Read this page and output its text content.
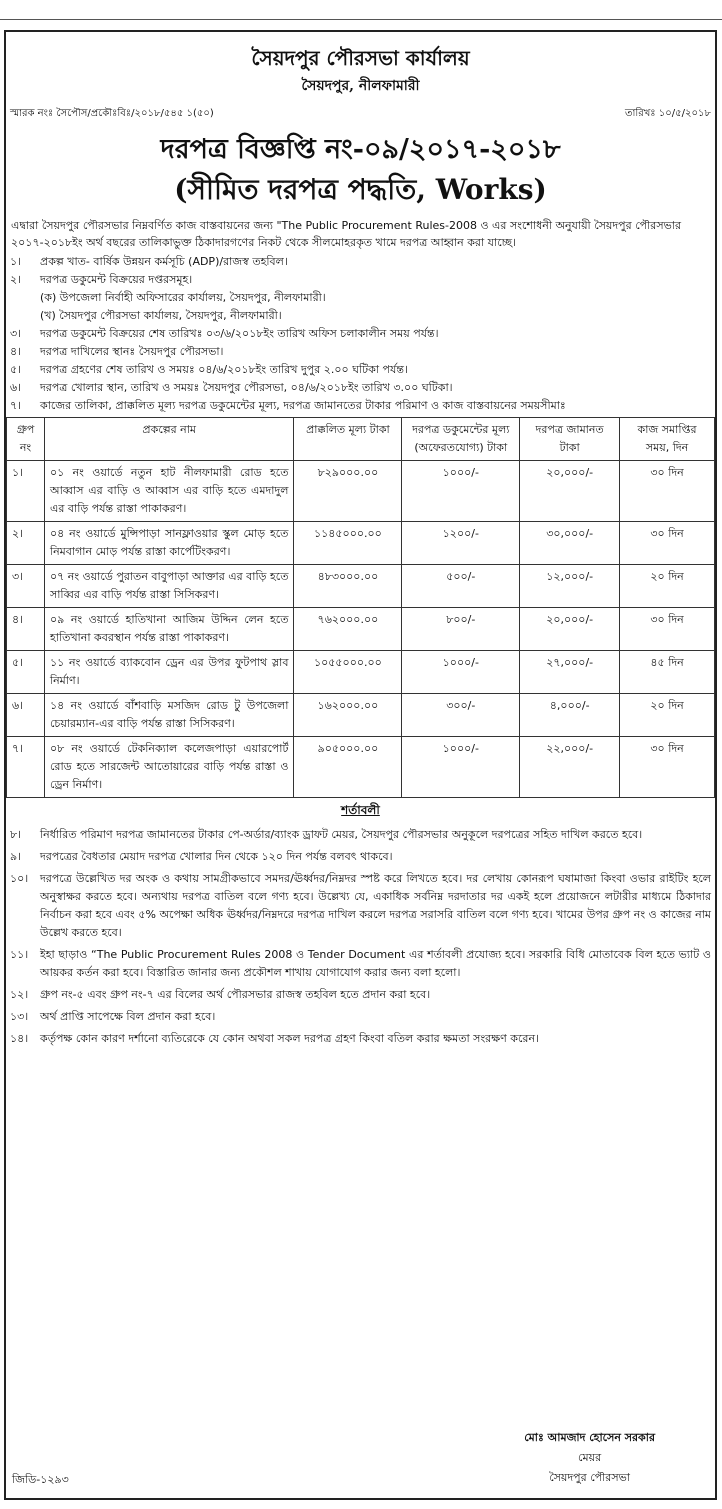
সৈয়দপুর পৌরসভা কার্যালয়
সৈয়দপুর, নীলফামারী
স্মারক নংঃ সৈপৌস/প্রকৌঃবিঃ/২০১৮/৫৪৫ ১(৫০)	তারিখঃ ১০/৫/২০১৮
দরপত্র বিজ্ঞপ্তি নং-০৯/২০১৭-২০১৮
(সীমিত দরপত্র পদ্ধতি, Works)
এদ্বারা সৈয়দপুর পৌরসভার নিম্নবর্ণিত কাজ বাস্তবায়নের জন্য "The Public Procurement Rules-2008 ও এর সংশোধনী অনুযায়ী সৈয়দপুর পৌরসভার ২০১৭-২০১৮ইং অর্থ বছরের তালিকাভুক্ত ঠিকাদারগণের নিকট থেকে সীলমোহরকৃত খামে দরপত্র আহ্বান করা যাচ্ছে।
১।	প্রকল্প খাত- বার্ষিক উন্নয়ন কর্মসূচি (ADP)/রাজস্ব তহবিল।
২।	দরপত্র ডকুমেন্ট বিক্রয়ের দপ্তরসমূহ।
(ক) উপজেলা নির্বাহী অফিসারের কার্যালয়, সৈয়দপুর, নীলফামারী।
(খ) সৈয়দপুর পৌরসভা কার্যালয়, সৈয়দপুর, নীলফামারী।
৩।	দরপত্র ডকুমেন্ট বিক্রয়ের শেষ তারিখঃ ০৩/৬/২০১৮ইং তারিখ অফিস চলাকালীন সময় পর্যন্ত।
৪।	দরপত্র দাখিলের স্থানঃ সৈয়দপুর পৌরসভা।
৫।	দরপত্র গ্রহণের শেষ তারিখ ও সময়ঃ ০৪/৬/২০১৮ইং তারিখ দুপুর ২.০০ ঘটিকা পর্যন্ত।
৬।	দরপত্র খোলার স্থান, তারিখ ও সময়ঃ সৈয়দপুর পৌরসভা, ০৪/৬/২০১৮ইং তারিখ ৩.০০ ঘটিকা।
৭।	কাজের তালিকা, প্রাক্কলিত মূল্য দরপত্র ডকুমেন্টের মূল্য, দরপত্র জামানতের টাকার পরিমাণ ও কাজ বাস্তবায়নের সময়সীমাঃ
গ্রুপ নং	প্রকল্পের নাম	প্রাক্কলিত মূল্য টাকা	দরপত্র ডকুমেন্টের মূল্য (অফেরতযোগ্য) টাকা	দরপত্র জামানত টাকা	কাজ সমাপ্তির সময়, দিন
১।	০১ নং ওয়ার্ডে নতুন হাট নীলফামারী রোড হতে আব্বাস এর বাড়ি ও আব্বাস এর বাড়ি হতে এমদাদুল এর বাড়ি পর্যন্ত রাস্তা পাকাকরণ।	৮২৯০০০.০০	১০০০/-	২০,০০০/-	৩০ দিন
২।	০৪ নং ওয়ার্ডে মুন্সিপাড়া সানফ্লাওয়ার স্কুল মোড় হতে নিমবাগান মোড় পর্যন্ত রাস্তা কার্পেটিংকরণ।	১১৪৫০০০.০০	১২০০/-	৩০,০০০/-	৩০ দিন
৩।	০৭ নং ওয়ার্ডে পুরাতন বাবুপাড়া আক্তার এর বাড়ি হতে সাব্বির এর বাড়ি পর্যন্ত রাস্তা সিসিকরণ।	৪৮৩০০০.০০	৫০০/-	১২,০০০/-	২০ দিন
৪।	০৯ নং ওয়ার্ডে হাতিখানা আজিম উদ্দিন লেন হতে হাতিখানা কবরস্থান পর্যন্ত রাস্তা পাকাকরণ।	৭৬২০০০.০০	৮০০/-	২০,০০০/-	৩০ দিন
৫।	১১ নং ওয়ার্ডে ব্যাকবোন ড্রেন এর উপর ফুটপাথ স্লাব নির্মাণ।	১০৫৫০০০.০০	১০০০/-	২৭,০০০/-	৪৫ দিন
৬।	১৪ নং ওয়ার্ডে বাঁশবাড়ি মসজিদ রোড টু উপজেলা চেয়ারম্যান-এর বাড়ি পর্যন্ত রাস্তা সিসিকরণ।	১৬২০০০.০০	৩০০/-	৪,০০০/-	২০ দিন
৭।	০৮ নং ওয়ার্ডে টেকনিক্যাল কলেজপাড়া এয়ারপোর্ট রোড হতে সারজেন্ট আতোয়ারের বাড়ি পর্যন্ত রাস্তা ও ড্রেন নির্মাণ।	৯০৫০০০.০০	১০০০/-	২২,০০০/-	৩০ দিন
শর্তাবলী
৮।	নির্ধারিত পরিমাণ দরপত্র জামানতের টাকার পে-অর্ডার/ব্যাংক ড্রাফট মেয়র, সৈয়দপুর পৌরসভার অনুকূলে দরপত্রের সহিত দাখিল করতে হবে।
৯।	দরপত্রের বৈধতার মেয়াদ দরপত্র খোলার দিন থেকে ১২০ দিন পর্যন্ত বলবৎ থাকবে।
১০।	দরপত্রে উল্লেখিত দর অংক ও কথায় সামগ্রীকভাবে সমদর/ঊর্ধ্বদর/নিম্নদর স্পষ্ট করে লিখতে হবে। দর লেখায় কোনরূপ ঘষামাজা কিংবা ওভার রাইটিং হলে অনুস্বাক্ষর করতে হবে। অন্যথায় দরপত্র বাতিল বলে গণ্য হবে। উল্লেখ্য যে, একাধিক সর্বনিম্ন দরদাতার দর একই হলে প্রয়োজনে লটারীর মাধ্যমে ঠিকাদার নির্বাচন করা হবে এবং ৫% অপেক্ষা অধিক ঊর্ধ্বদর/নিম্নদরে দরপত্র দাখিল করলে দরপত্র সরাসরি বাতিল বলে গণ্য হবে। খামের উপর গ্রুপ নং ও কাজের নাম উল্লেখ করতে হবে।
১১।	ইহা ছাড়াও “The Public Procurement Rules 2008 ও Tender Document এর শর্তাবলী প্রযোজ্য হবে। সরকারি বিধি মোতাবেক বিল হতে ভ্যাট ও আয়কর কর্তন করা হবে। বিস্তারিত জানার জন্য প্রকৌশল শাখায় যোগাযোগ করার জন্য বলা হলো।
১২।	গ্রুপ নং-৫ এবং গ্রুপ নং-৭ এর বিলের অর্থ পৌরসভার রাজস্ব তহবিল হতে প্রদান করা হবে।
১৩।	অর্থ প্রাপ্তি সাপেক্ষে বিল প্রদান করা হবে।
১৪।	কর্তৃপক্ষ কোন কারণ দর্শানো ব্যতিরেকে যে কোন অথবা সকল দরপত্র গ্রহণ কিংবা বতিল করার ক্ষমতা সংরক্ষণ করেন।
মোঃ আমজাদ হোসেন সরকার
মেয়র
সৈয়দপুর পৌরসভা
জিডি-১২৯৩
